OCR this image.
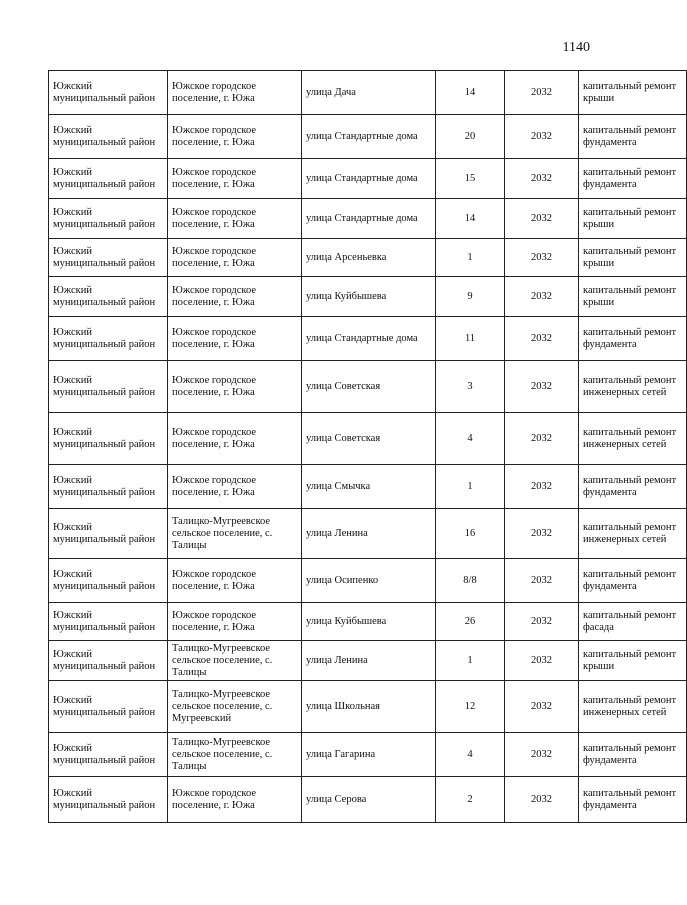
1140
Южский муниципальный район	Южское городское поселение, г. Южа	улица Дача	14	2032	капитальный ремонт крыши
Южский муниципальный район	Южское городское поселение, г. Южа	улица Стандартные дома	20	2032	капитальный ремонт фундамента
Южский муниципальный район	Южское городское поселение, г. Южа	улица Стандартные дома	15	2032	капитальный ремонт фундамента
Южский муниципальный район	Южское городское поселение, г. Южа	улица Стандартные дома	14	2032	капитальный ремонт крыши
Южский муниципальный район	Южское городское поселение, г. Южа	улица Арсеньевка	1	2032	капитальный ремонт крыши
Южский муниципальный район	Южское городское поселение, г. Южа	улица Куйбышева	9	2032	капитальный ремонт крыши
Южский муниципальный район	Южское городское поселение, г. Южа	улица Стандартные дома	11	2032	капитальный ремонт фундамента
Южский муниципальный район	Южское городское поселение, г. Южа	улица Советская	3	2032	капитальный ремонт инженерных сетей
Южский муниципальный район	Южское городское поселение, г. Южа	улица Советская	4	2032	капитальный ремонт инженерных сетей
Южский муниципальный район	Южское городское поселение, г. Южа	улица Смычка	1	2032	капитальный ремонт фундамента
Южский муниципальный район	Талицко-Мугреевское сельское поселение, с. Талицы	улица Ленина	16	2032	капитальный ремонт инженерных сетей
Южский муниципальный район	Южское городское поселение, г. Южа	улица Осипенко	8/8	2032	капитальный ремонт фундамента
Южский муниципальный район	Южское городское поселение, г. Южа	улица Куйбышева	26	2032	капитальный ремонт фасада
Южский муниципальный район	Талицко-Мугреевское сельское поселение, с. Талицы	улица Ленина	1	2032	капитальный ремонт крыши
Южский муниципальный район	Талицко-Мугреевское сельское поселение, с. Мугреевский	улица Школьная	12	2032	капитальный ремонт инженерных сетей
Южский муниципальный район	Талицко-Мугреевское сельское поселение, с. Талицы	улица Гагарина	4	2032	капитальный ремонт фундамента
Южский муниципальный район	Южское городское поселение, г. Южа	улица Серова	2	2032	капитальный ремонт фундамента
